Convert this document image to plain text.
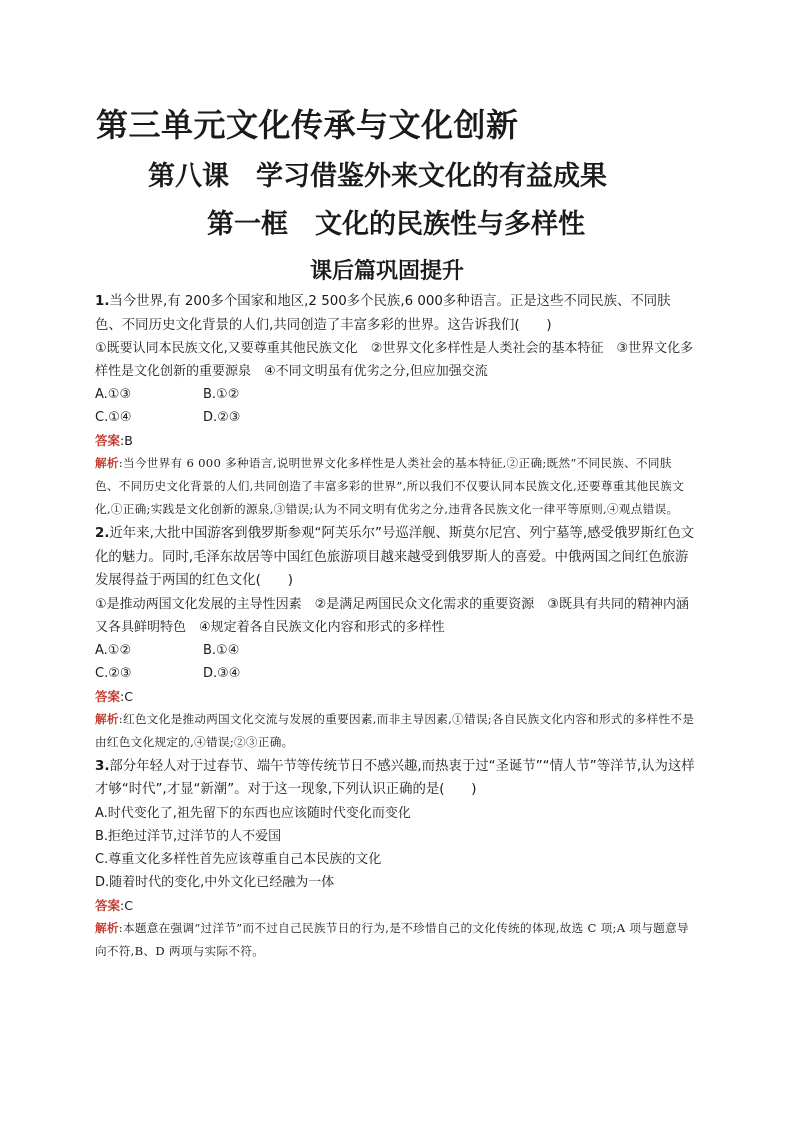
第三单元文化传承与文化创新
第八课　学习借鉴外来文化的有益成果
第一框　文化的民族性与多样性
课后篇巩固提升

1.当今世界,有 200多个国家和地区,2 500多个民族,6 000多种语言。正是这些不同民族、不同肤色、不同历史文化背景的人们,共同创造了丰富多彩的世界。这告诉我们(　　)

①既要认同本民族文化,又要尊重其他民族文化　②世界文化多样性是人类社会的基本特征　③世界文化多样性是文化创新的重要源泉　④不同文明虽有优劣之分,但应加强交流

A.①③	B.①②
C.①④	D.②③

答案:B

解析:当今世界有 6 000 多种语言,说明世界文化多样性是人类社会的基本特征,②正确;既然“不同民族、不同肤色、不同历史文化背景的人们,共同创造了丰富多彩的世界”,所以我们不仅要认同本民族文化,还要尊重其他民族文化,①正确;实践是文化创新的源泉,③错误;认为不同文明有优劣之分,违背各民族文化一律平等原则,④观点错误。

2.近年来,大批中国游客到俄罗斯参观“阿芙乐尔”号巡洋舰、斯莫尔尼宫、列宁墓等,感受俄罗斯红色文化的魅力。同时,毛泽东故居等中国红色旅游项目越来越受到俄罗斯人的喜爱。中俄两国之间红色旅游发展得益于两国的红色文化(　　)

①是推动两国文化发展的主导性因素　②是满足两国民众文化需求的重要资源　③既具有共同的精神内涵又各具鲜明特色　④规定着各自民族文化内容和形式的多样性

A.①②	B.①④
C.②③	D.③④

答案:C

解析:红色文化是推动两国文化交流与发展的重要因素,而非主导因素,①错误;各自民族文化内容和形式的多样性不是由红色文化规定的,④错误;②③正确。

3.部分年轻人对于过春节、端午节等传统节日不感兴趣,而热衷于过“圣诞节”“情人节”等洋节,认为这样才够“时代”,才显“新潮”。对于这一现象,下列认识正确的是(　　)

A.时代变化了,祖先留下的东西也应该随时代变化而变化

B.拒绝过洋节,过洋节的人不爱国

C.尊重文化多样性首先应该尊重自己本民族的文化

D.随着时代的变化,中外文化已经融为一体

答案:C

解析:本题意在强调“过洋节”而不过自己民族节日的行为,是不珍惜自己的文化传统的体现,故选 C 项;A 项与题意导向不符,B、D 两项与实际不符。
